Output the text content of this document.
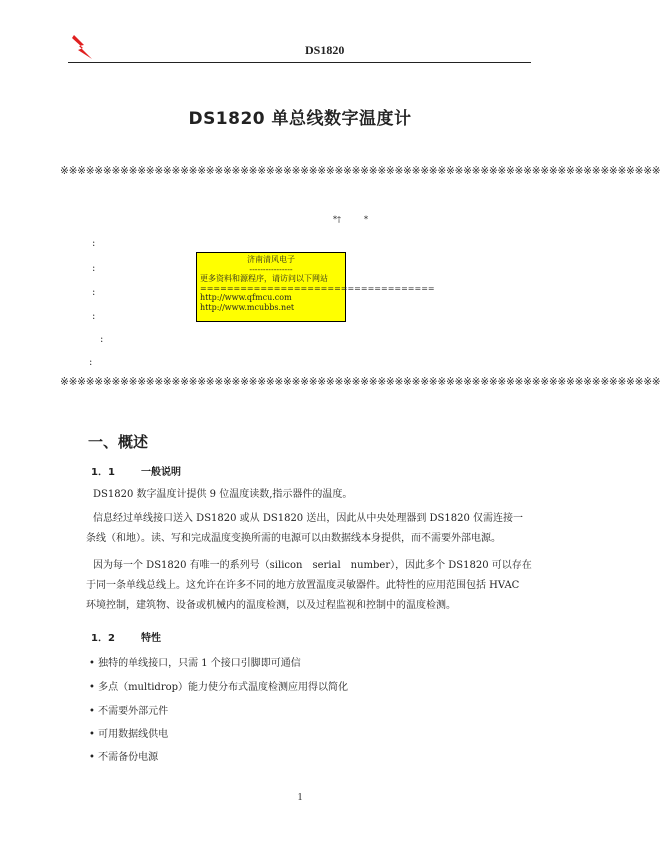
DS1820
DS1820 单总线数字温度计
※※※※※※※※※※※※※※※※※※※※※※※※※※※※※※※※※※※※※※※※※※※※※※※※※※※※※※※※※※※※※※※※※※※※※※
*†	*
:
:
:
:
:
:
济南清风电子
----------------
更多资料和源程序，请访问以下网站
===================================
http://www.qfmcu.com
http://www.mcubbs.net
※※※※※※※※※※※※※※※※※※※※※※※※※※※※※※※※※※※※※※※※※※※※※※※※※※※※※※※※※※※※※※※※※※※※※※
一、概述
1．1	一般说明
DS1820 数字温度计提供 9 位温度读数,指示器件的温度。
信息经过单线接口送入 DS1820 或从 DS1820 送出，因此从中央处理器到 DS1820 仅需连接一条线（和地）。读、写和完成温度变换所需的电源可以由数据线本身提供，而不需要外部电源。
因为每一个 DS1820 有唯一的系列号（silicon　serial　number），因此多个 DS1820 可以存在于同一条单线总线上。这允许在许多不同的地方放置温度灵敏器件。此特性的应用范围包括 HVAC 环境控制，建筑物、设备或机械内的温度检测，以及过程监视和控制中的温度检测。
1．2	特性
• 独特的单线接口，只需 1 个接口引脚即可通信
• 多点（multidrop）能力使分布式温度检测应用得以简化
• 不需要外部元件
• 可用数据线供电
• 不需备份电源
1
